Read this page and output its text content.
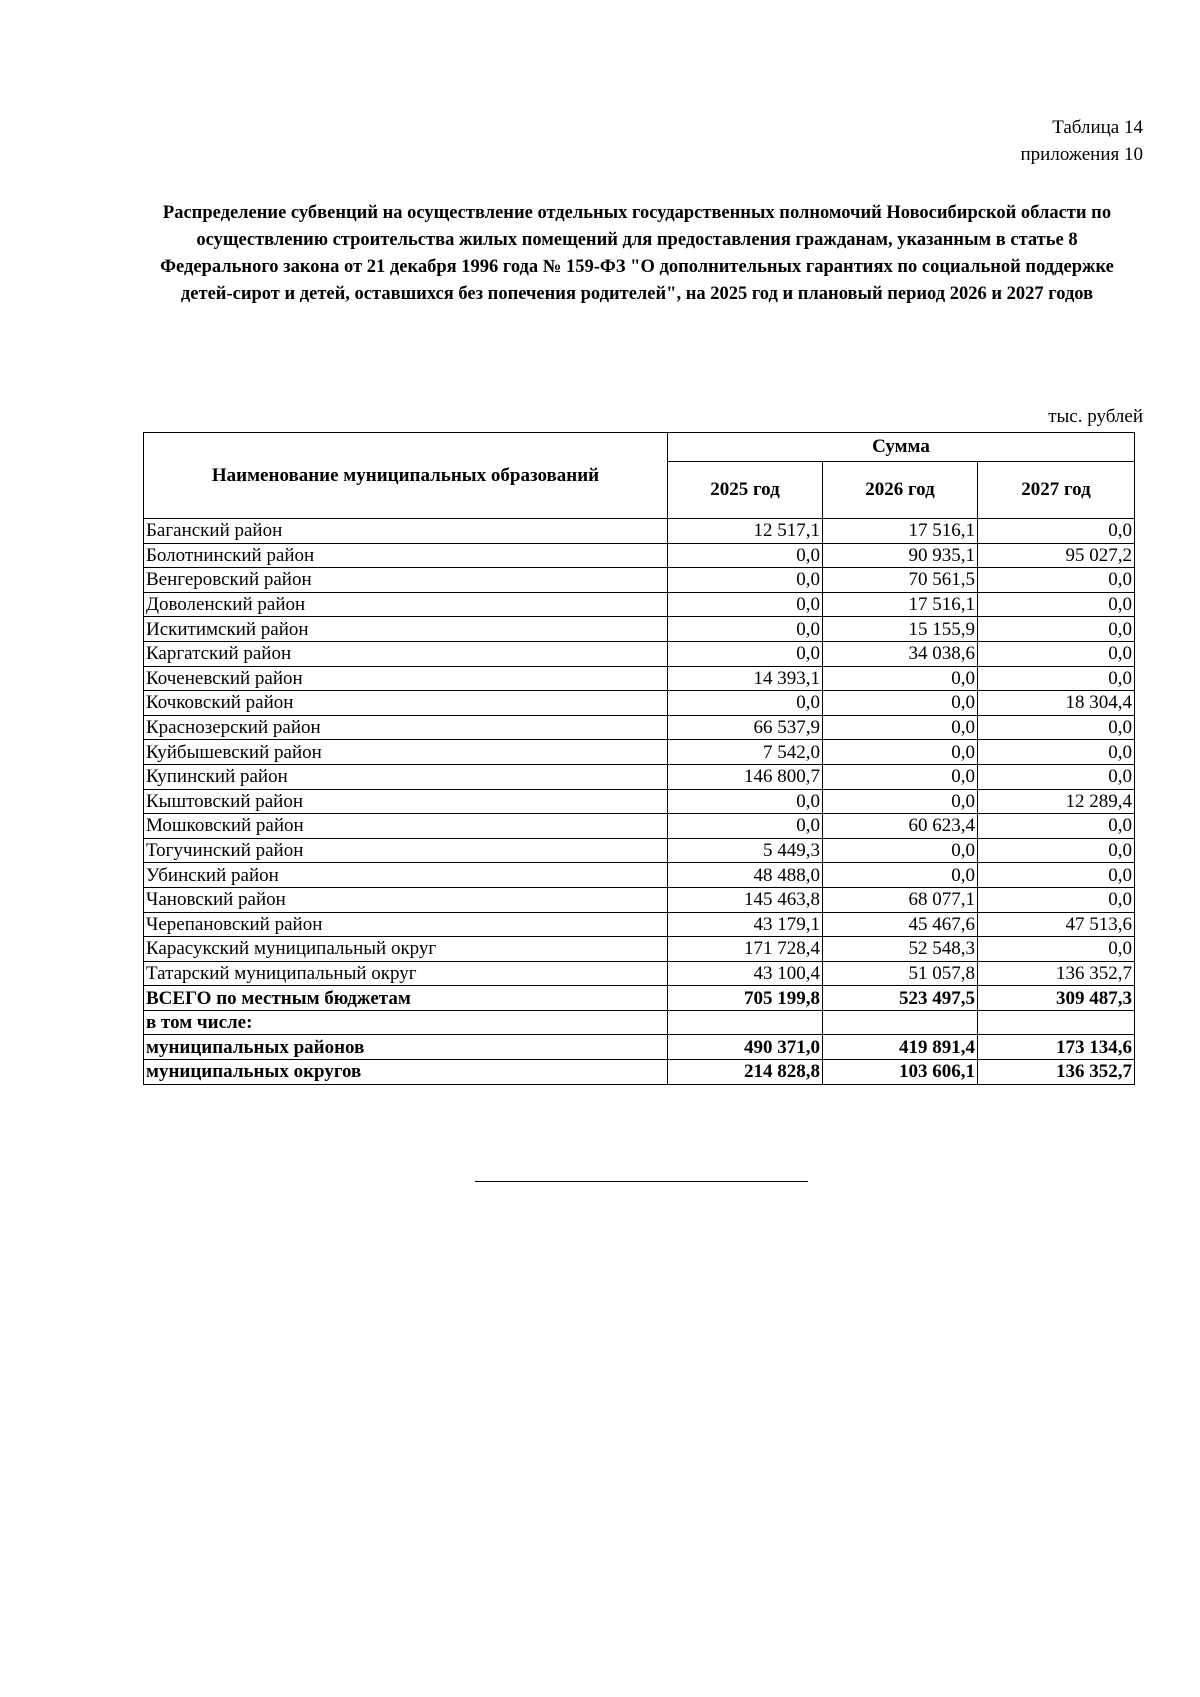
Таблица 14
приложения 10
Распределение субвенций на осуществление отдельных государственных полномочий Новосибирской области по осуществлению строительства жилых помещений для предоставления гражданам, указанным в статье 8 Федерального закона от 21 декабря 1996 года № 159-ФЗ "О дополнительных гарантиях по социальной поддержке детей-сирот и детей, оставшихся без попечения родителей", на 2025 год и плановый период 2026 и 2027 годов
тыс. рублей
Наименование муниципальных образований	Сумма		
	2025 год	2026 год	2027 год
Баганский район	12 517,1	17 516,1	0,0
Болотнинский район	0,0	90 935,1	95 027,2
Венгеровский район	0,0	70 561,5	0,0
Доволенский район	0,0	17 516,1	0,0
Искитимский район	0,0	15 155,9	0,0
Каргатский район	0,0	34 038,6	0,0
Коченевский район	14 393,1	0,0	0,0
Кочковский район	0,0	0,0	18 304,4
Краснозерский район	66 537,9	0,0	0,0
Куйбышевский район	7 542,0	0,0	0,0
Купинский район	146 800,7	0,0	0,0
Кыштовский район	0,0	0,0	12 289,4
Мошковский район	0,0	60 623,4	0,0
Тогучинский район	5 449,3	0,0	0,0
Убинский район	48 488,0	0,0	0,0
Чановский район	145 463,8	68 077,1	0,0
Черепановский район	43 179,1	45 467,6	47 513,6
Карасукский муниципальный округ	171 728,4	52 548,3	0,0
Татарский муниципальный округ	43 100,4	51 057,8	136 352,7
ВСЕГО по местным бюджетам	705 199,8	523 497,5	309 487,3
в том числе:			
муниципальных районов	490 371,0	419 891,4	173 134,6
муниципальных округов	214 828,8	103 606,1	136 352,7
